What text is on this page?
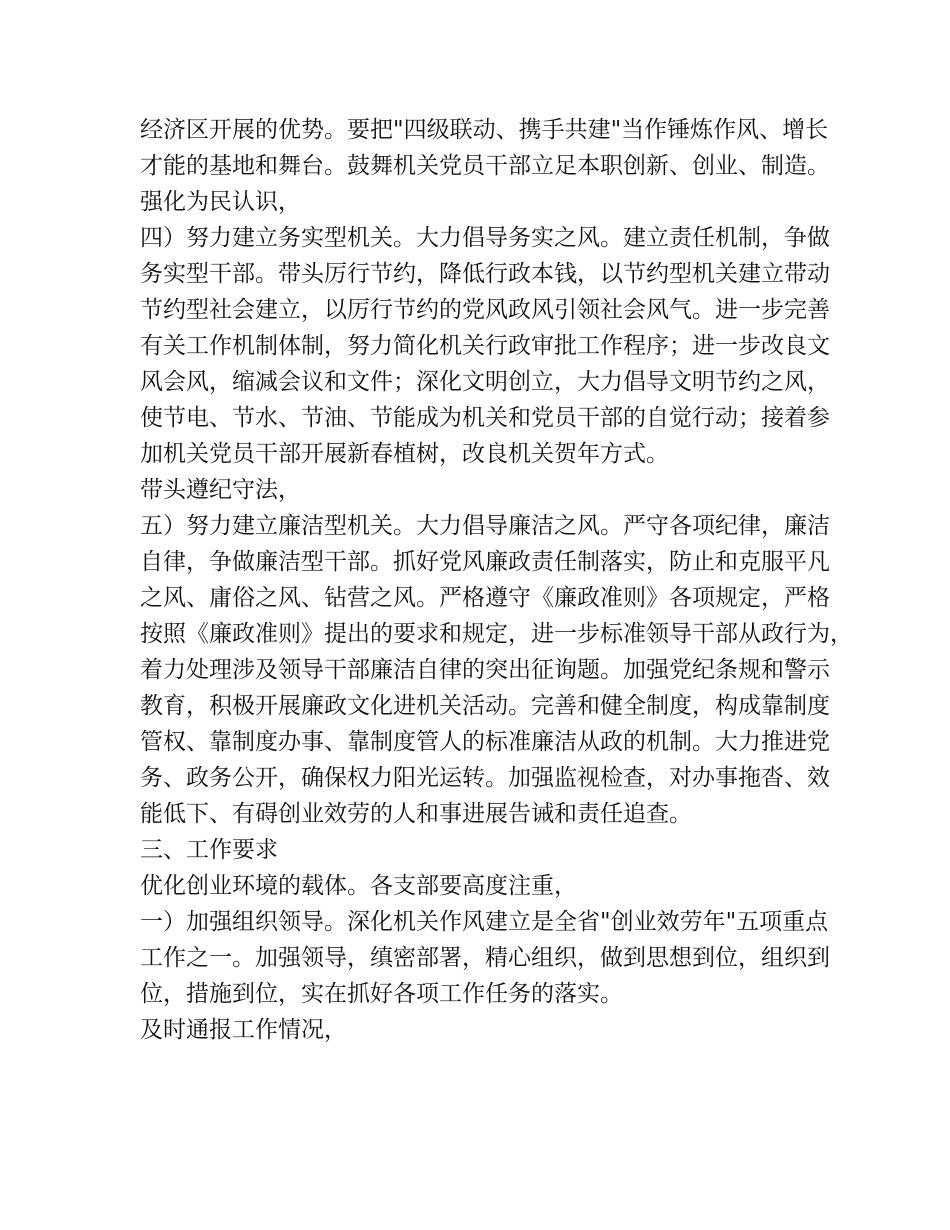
经济区开展的优势。要把"四级联动、携手共建"当作锤炼作风、增长
才能的基地和舞台。鼓舞机关党员干部立足本职创新、创业、制造。
强化为民认识，
四）努力建立务实型机关。大力倡导务实之风。建立责任机制，争做
务实型干部。带头厉行节约，降低行政本钱，以节约型机关建立带动
节约型社会建立，以厉行节约的党风政风引领社会风气。进一步完善
有关工作机制体制，努力简化机关行政审批工作程序；进一步改良文
风会风，缩减会议和文件；深化文明创立，大力倡导文明节约之风，
使节电、节水、节油、节能成为机关和党员干部的自觉行动；接着参
加机关党员干部开展新春植树，改良机关贺年方式。
带头遵纪守法，
五）努力建立廉洁型机关。大力倡导廉洁之风。严守各项纪律，廉洁
自律，争做廉洁型干部。抓好党风廉政责任制落实，防止和克服平凡
之风、庸俗之风、钻营之风。严格遵守《廉政准则》各项规定，严格
按照《廉政准则》提出的要求和规定，进一步标准领导干部从政行为，
着力处理涉及领导干部廉洁自律的突出征询题。加强党纪条规和警示
教育，积极开展廉政文化进机关活动。完善和健全制度，构成靠制度
管权、靠制度办事、靠制度管人的标准廉洁从政的机制。大力推进党
务、政务公开，确保权力阳光运转。加强监视检查，对办事拖沓、效
能低下、有碍创业效劳的人和事进展告诫和责任追查。
三、工作要求
优化创业环境的载体。各支部要高度注重，
一）加强组织领导。深化机关作风建立是全省"创业效劳年"五项重点
工作之一。加强领导，缜密部署，精心组织，做到思想到位，组织到
位，措施到位，实在抓好各项工作任务的落实。
及时通报工作情况，
